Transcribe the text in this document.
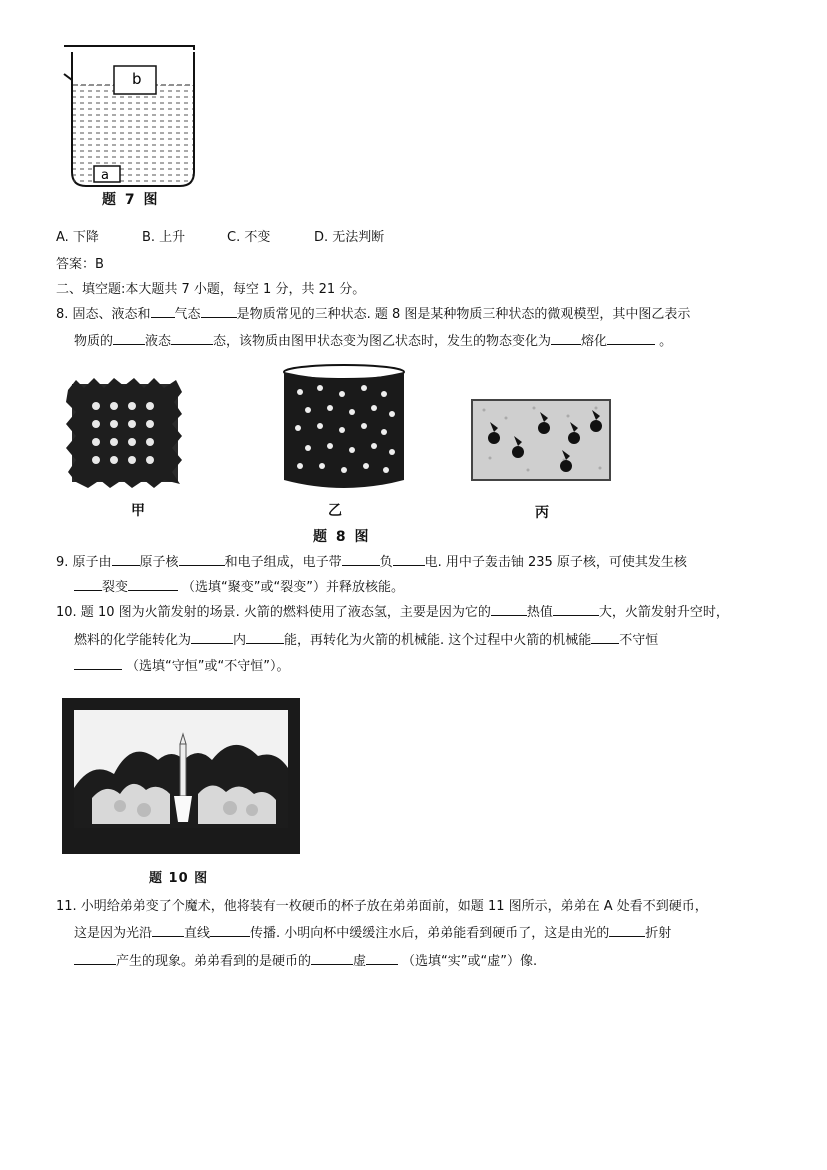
b
a
题 7 图
A. 下降	B. 上升	C. 不变	D. 无法判断
答案：B
二、填空题:本大题共 7 小题，每空 1 分，共 21 分。
8. 固态、液态和 气态	是物质常见的三种状态. 题 8 图是某种物质三种状态的微观模型，其中图乙表示
物质的 液态	态，该物质由图甲状态变为图乙状态时，发生的物态变化为 熔化	。
甲	乙	丙
题 8 图
9. 原子由 原子核	和电子组成，电子带	负 电. 用中子轰击铀 235 原子核，可使其发生核
裂变	（选填“聚变”或“裂变”）并释放核能。
10. 题 10 图为火箭发射的场景. 火箭的燃料使用了液态氢，主要是因为它的	热值	大，火箭发射升空时，
燃料的化学能转化为	内	能，再转化为火箭的机械能. 这个过程中火箭的机械能 不守恒
（选填“守恒”或“不守恒”）。
题 10 图
11. 小明给弟弟变了个魔术，他将装有一枚硬币的杯子放在弟弟面前，如题 11 图所示，弟弟在 A 处看不到硬币，
这是因为光沿 直线	传播. 小明向杯中缓缓注水后，弟弟能看到硬币了，这是由光的	折射
产生的现象。弟弟看到的是硬币的	虚	（选填“实”或“虚”）像.
